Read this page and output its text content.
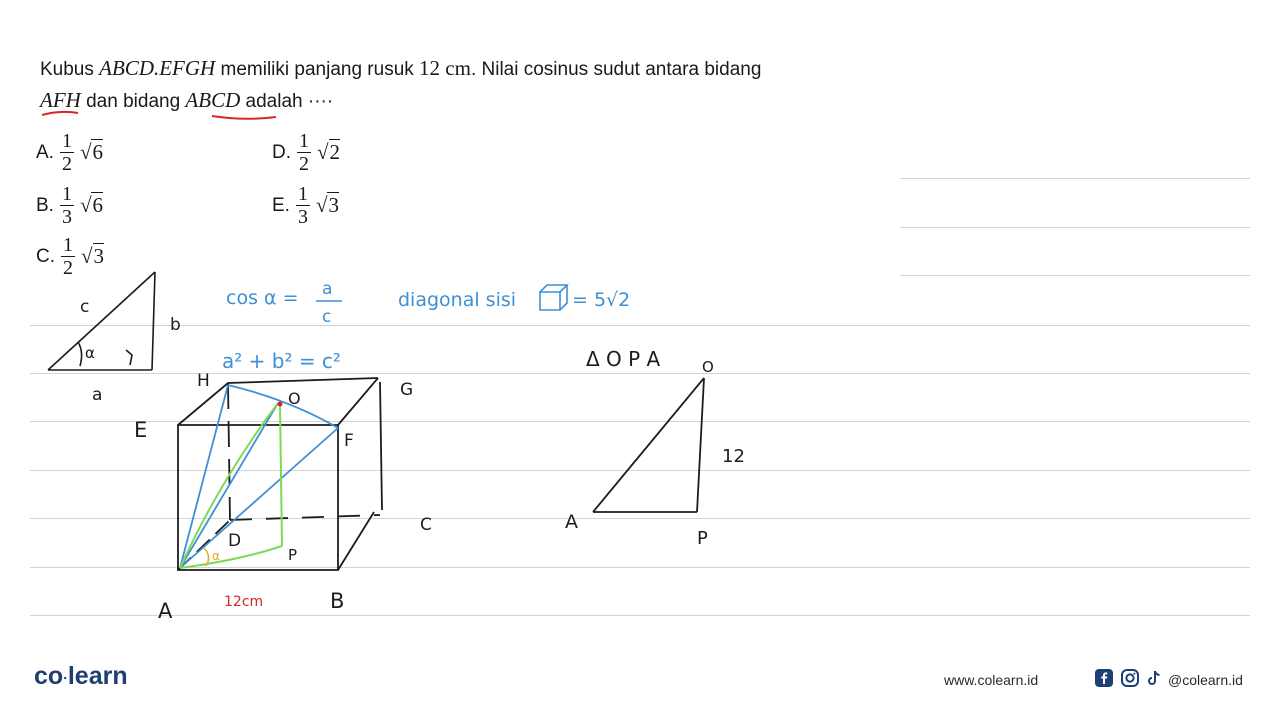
Kubus ABCD.EFGH memiliki panjang rusuk 12 cm. Nilai cosinus sudut antara bidang
AFH dan bidang ABCD adalah ····
A. $\frac{1}{2} √6$
B. $\frac{1}{3} √6$
C. $\frac{1}{2} √3$
D. $\frac{1}{2} √2$
E. $\frac{1}{3} √3$
c
b
a
α
cos α = a
c
a² + b² = c²
diagonal sisi	= 5√2
α
H	G
E	F
O
D
C
P
A	B
12cm
Δ O P A	O
12
A
P
co·learn	www.colearn.id	@colearn.id
